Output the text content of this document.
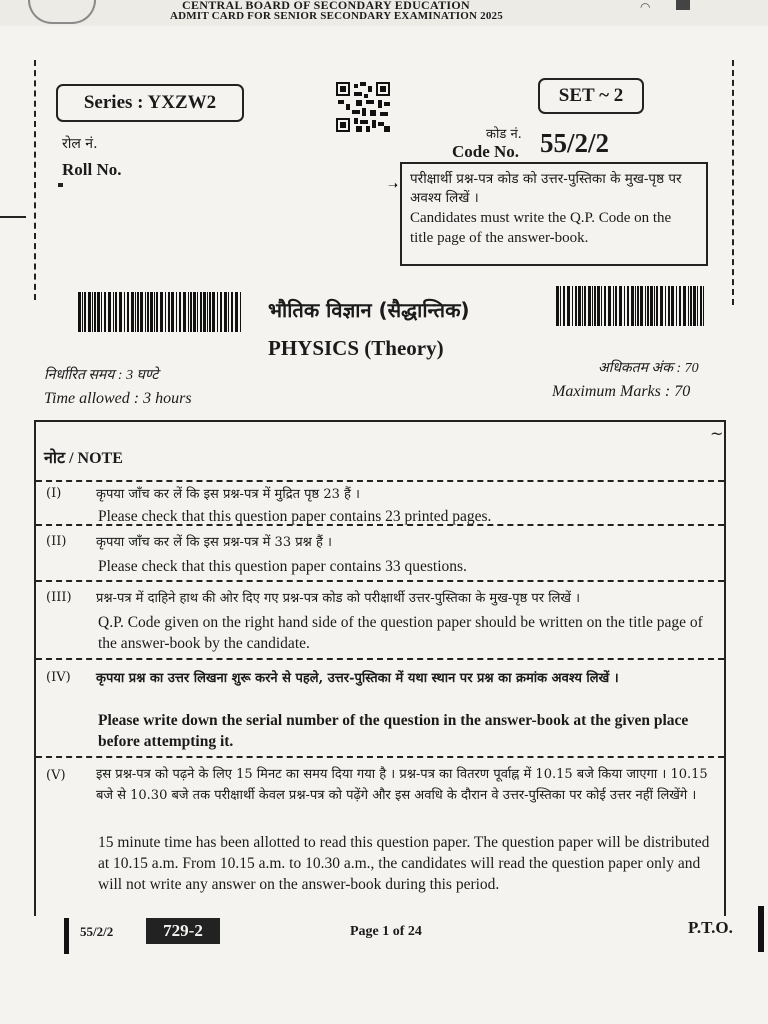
CENTRAL BOARD OF SECONDARY EDUCATION
ADMIT CARD FOR SENIOR SECONDARY EXAMINATION 2025
◠
Series : YXZW2	SET ~ 2
रोल नं.
Roll No.
कोड नं.
Code No. 55/2/2
➝ परीक्षार्थी प्रश्न-पत्र कोड को उत्तर-पुस्तिका के मुख-पृष्ठ पर अवश्य लिखें ।
Candidates must write the Q.P. Code on the title page of the answer-book.
भौतिक विज्ञान (सैद्धान्तिक)
PHYSICS (Theory)
निर्धारित समय : 3 घण्टे
Time allowed : 3 hours
अधिकतम अंक : 70
Maximum Marks : 70
(I)	कृपया जाँच कर लें कि इस प्रश्न-पत्र में मुद्रित पृष्ठ 23 हैं ।
Please check that this question paper contains 23 printed pages.
(II) कृपया जाँच कर लें कि इस प्रश्न-पत्र में 33 प्रश्न हैं ।
Please check that this question paper contains 33 questions.
(III) प्रश्न-पत्र में दाहिने हाथ की ओर दिए गए प्रश्न-पत्र कोड को परीक्षार्थी उत्तर-पुस्तिका के मुख-पृष्ठ पर लिखें ।
Q.P. Code given on the right hand side of the question paper should be written on the title page of the answer-book by the candidate.
(IV) कृपया प्रश्न का उत्तर लिखना शुरू करने से पहले, उत्तर-पुस्तिका में यथा स्थान पर प्रश्न का क्रमांक अवश्य लिखें ।
Please write down the serial number of the question in the answer-book at the given place before attempting it.
(V) इस प्रश्न-पत्र को पढ़ने के लिए 15 मिनट का समय दिया गया है । प्रश्न-पत्र का वितरण पूर्वाह्न में 10.15 बजे किया जाएगा । 10.15 बजे से 10.30 बजे तक परीक्षार्थी केवल प्रश्न-पत्र को पढ़ेंगे और इस अवधि के दौरान वे उत्तर-पुस्तिका पर कोई उत्तर नहीं लिखेंगे ।
15 minute time has been allotted to read this question paper. The question paper will be distributed at 10.15 a.m. From 10.15 a.m. to 10.30 a.m., the candidates will read the question paper only and will not write any answer on the answer-book during this period.
नोट / NOTE
~
55/2/2	729-2	Page 1 of 24	P.T.O.
